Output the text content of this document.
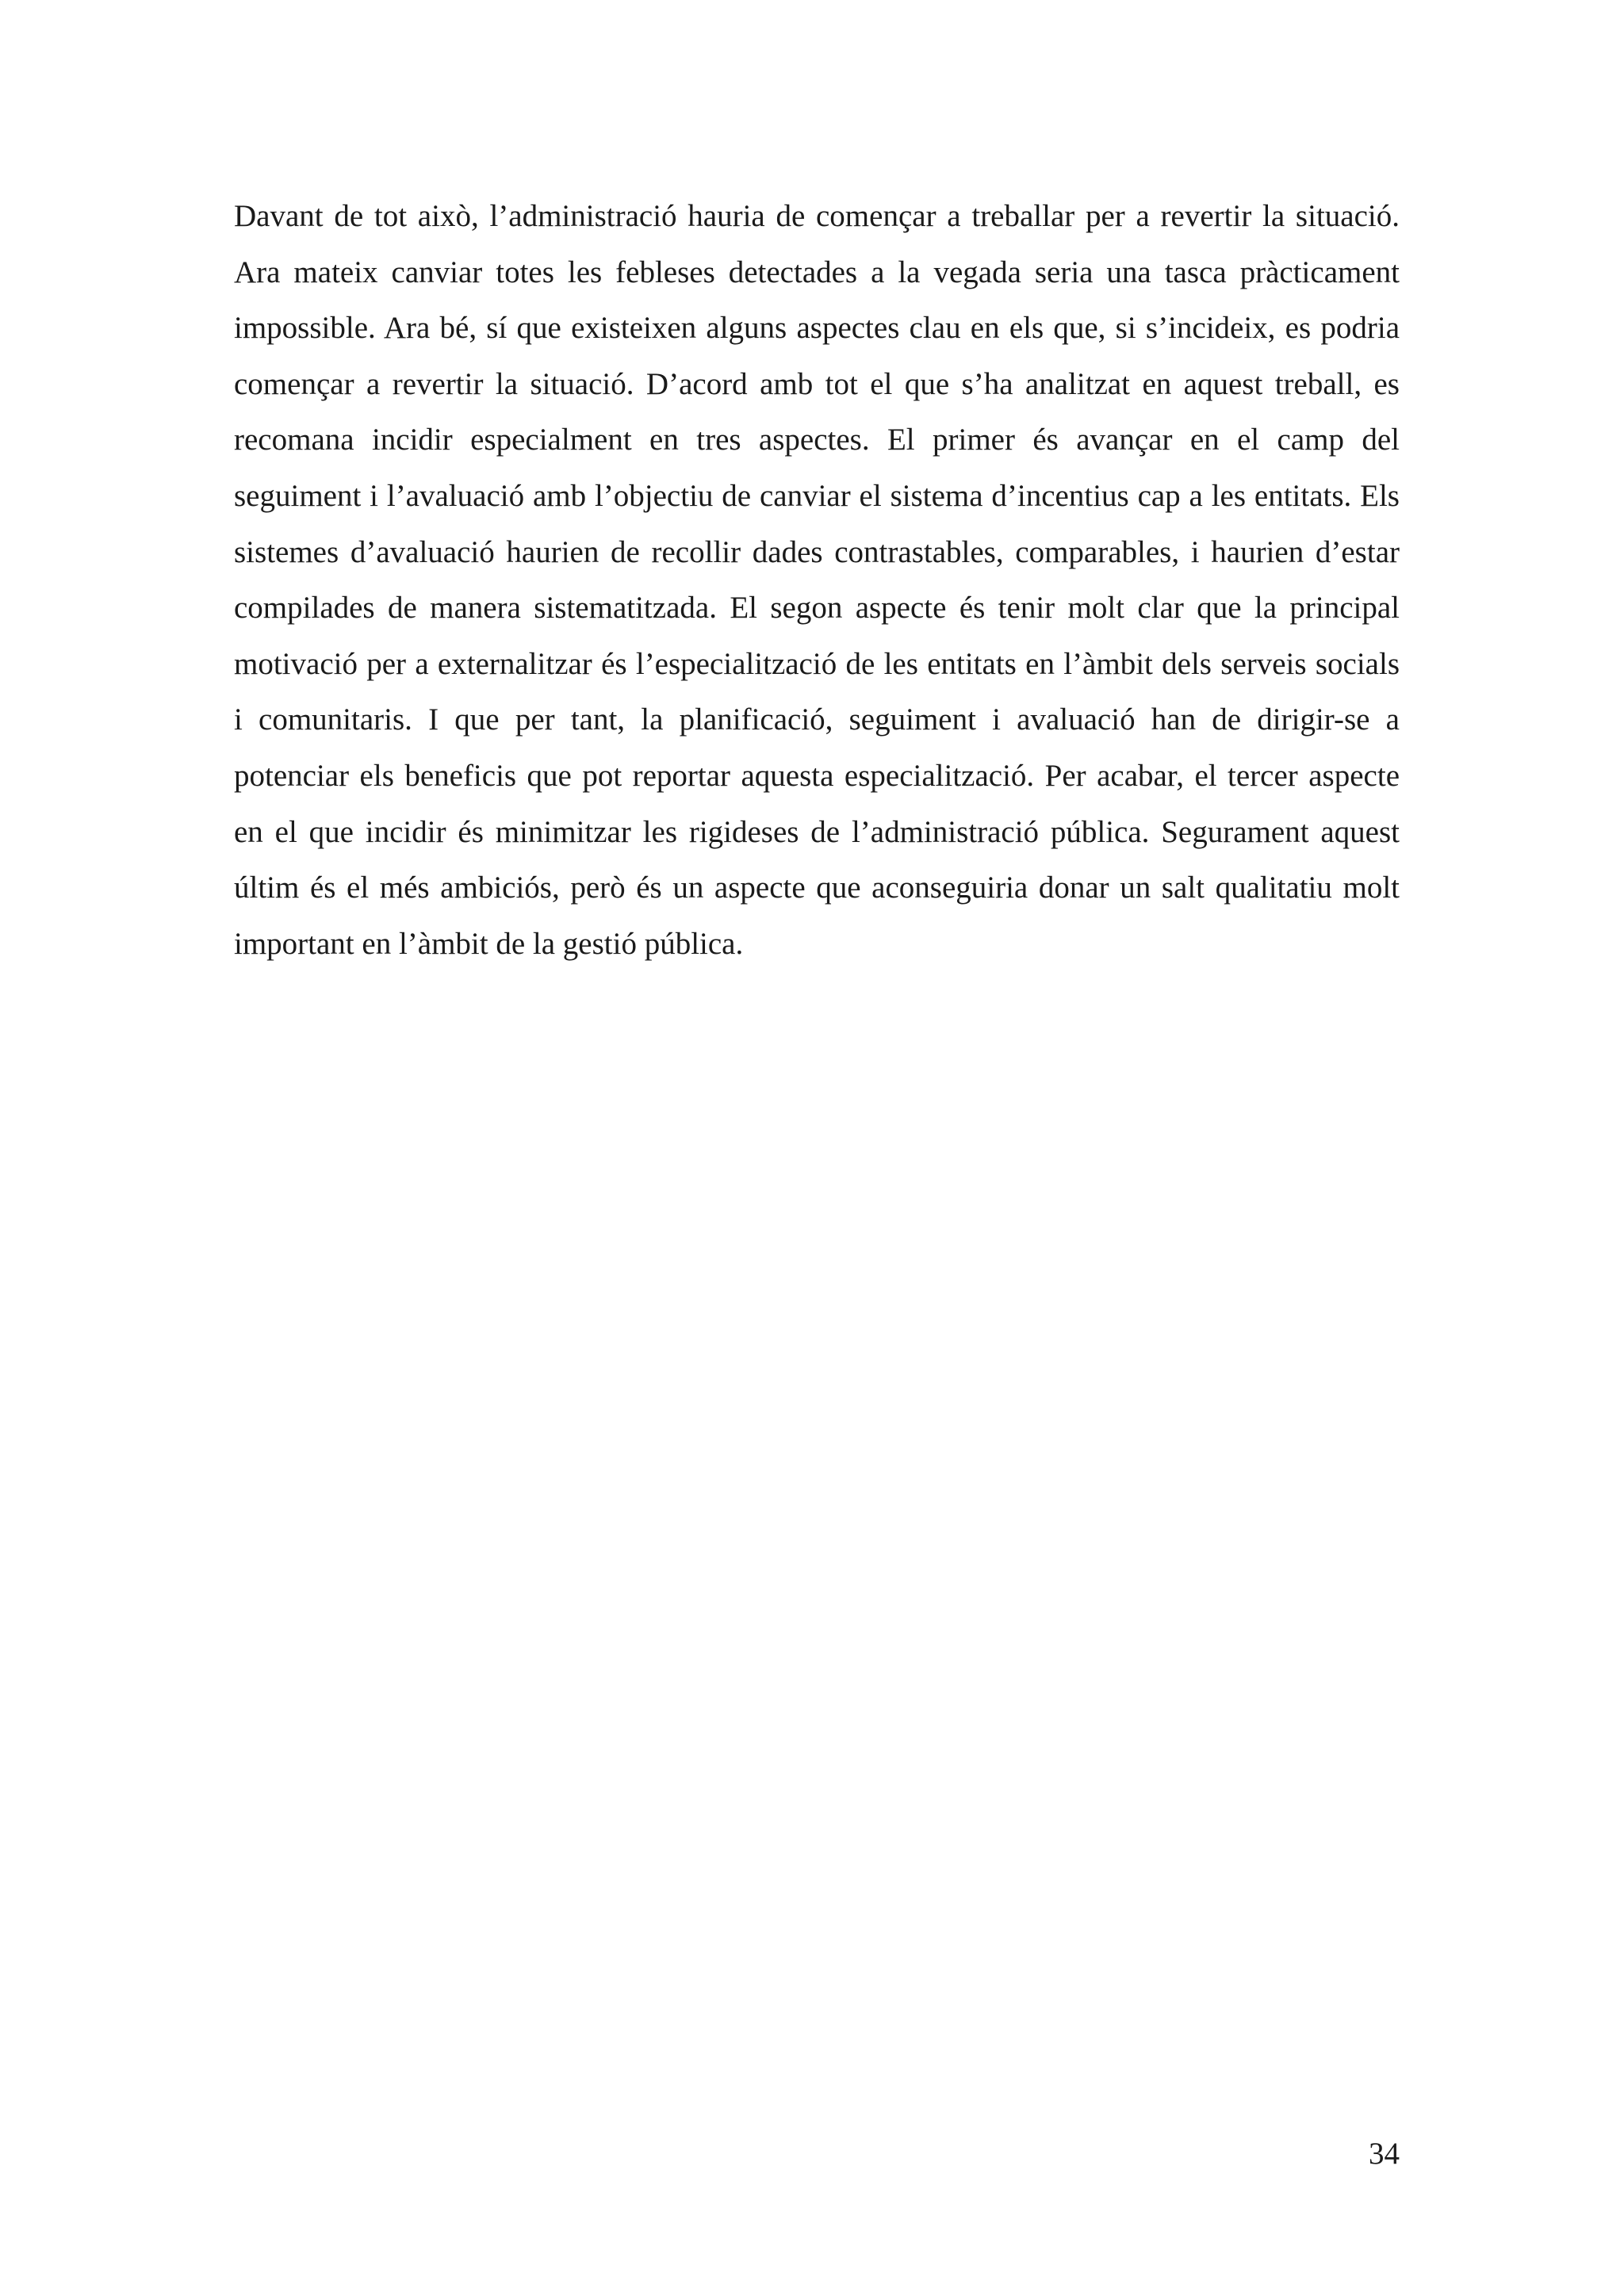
Davant de tot això, l’administració hauria de començar a treballar per a revertir la situació. Ara mateix canviar totes les febleses detectades a la vegada seria una tasca pràcticament impossible. Ara bé, sí que existeixen alguns aspectes clau en els que, si s’incideix, es podria començar a revertir la situació. D’acord amb tot el que s’ha analitzat en aquest treball, es recomana incidir especialment en tres aspectes. El primer és avançar en el camp del seguiment i l’avaluació amb l’objectiu de canviar el sistema d’incentius cap a les entitats. Els sistemes d’avaluació haurien de recollir dades contrastables, comparables, i haurien d’estar compilades de manera sistematitzada. El segon aspecte és tenir molt clar que la principal motivació per a externalitzar és l’especialització de les entitats en l’àmbit dels serveis socials i comunitaris. I que per tant, la planificació, seguiment i avaluació han de dirigir-se a potenciar els beneficis que pot reportar aquesta especialització. Per acabar, el tercer aspecte en el que incidir és minimitzar les rigideses de l’administració pública. Segurament aquest últim és el més ambiciós, però és un aspecte que aconseguiria donar un salt qualitatiu molt important en l’àmbit de la gestió pública.

34
